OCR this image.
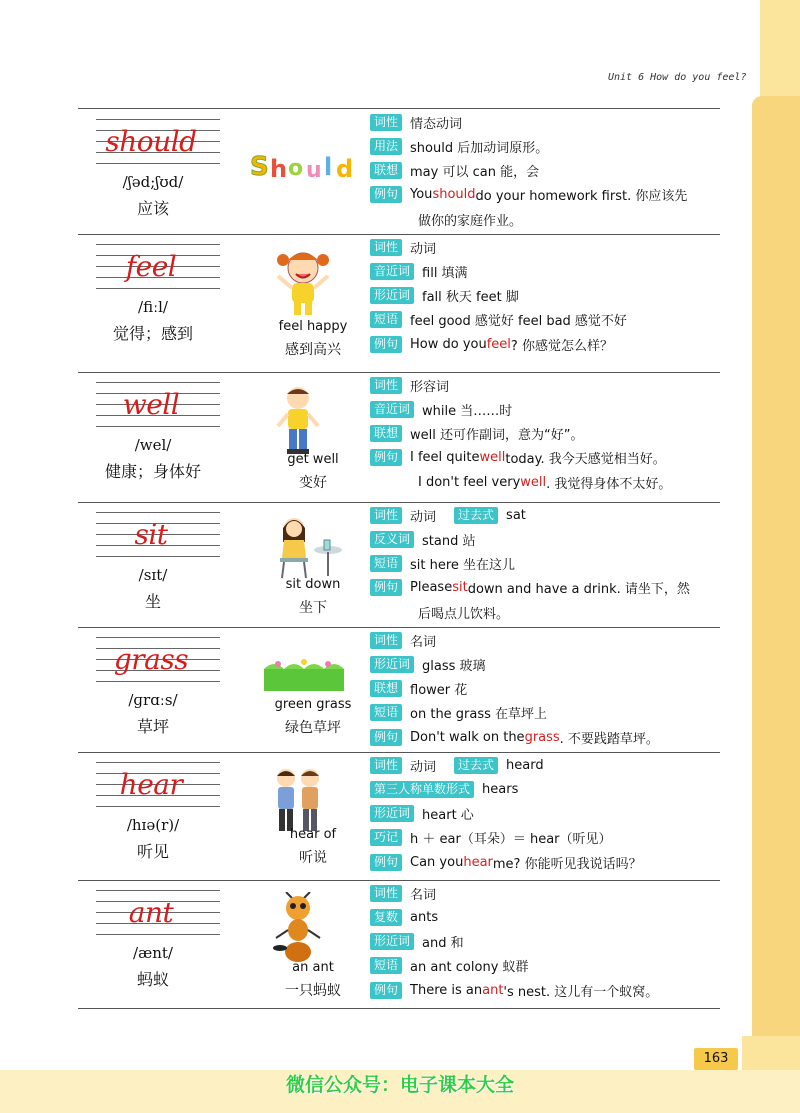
Unit 6 How do you feel?
should
/ʃəd;ʃʊd/
应该
S h o u l d
词性 情态动词
用法 should 后加动词原形。
联想 may 可以 can 能，会
例句 You should do your homework first. 你应该先
做你的家庭作业。
feel
/fiːl/
觉得；感到	feel happy
感到高兴
词性 动词
音近词 fill 填满
形近词 fall 秋天 feet 脚
短语 feel good 感觉好 feel bad 感觉不好
例句 How do you feel ? 你感觉怎么样？
well
/wel/
健康；身体好
get well
变好
词性 形容词
音近词 while 当……时
联想 well 还可作副词，意为“好”。
例句 I feel quite well today. 我今天感觉相当好。
I don't feel very well . 我觉得身体不太好。
sit
/sɪt/
坐
sit down
坐下
词性 动词	过去式 sat
反义词 stand 站
短语 sit here 坐在这儿
例句 Please sit down and have a drink. 请坐下，然
后喝点儿饮料。
grass
/ɡrɑːs/
草坪
green grass
绿色草坪
词性 名词
形近词 glass 玻璃
联想 flower 花
短语 on the grass 在草坪上
例句 Don't walk on the grass . 不要践踏草坪。
hear
/hɪə(r)/
听见
hear of
听说
词性 动词	过去式 heard
第三人称单数形式 hears
形近词 heart 心
巧记 h ＋ ear（耳朵）＝ hear（听见）
例句 Can you hear me? 你能听见我说话吗？
ant
/ænt/
蚂蚁
an ant
一只蚂蚁
词性 名词
复数 ants
形近词 and 和
短语 an ant colony 蚁群
例句 There is an ant 's nest. 这儿有一个蚁窝。
163
微信公众号：电子课本大全
